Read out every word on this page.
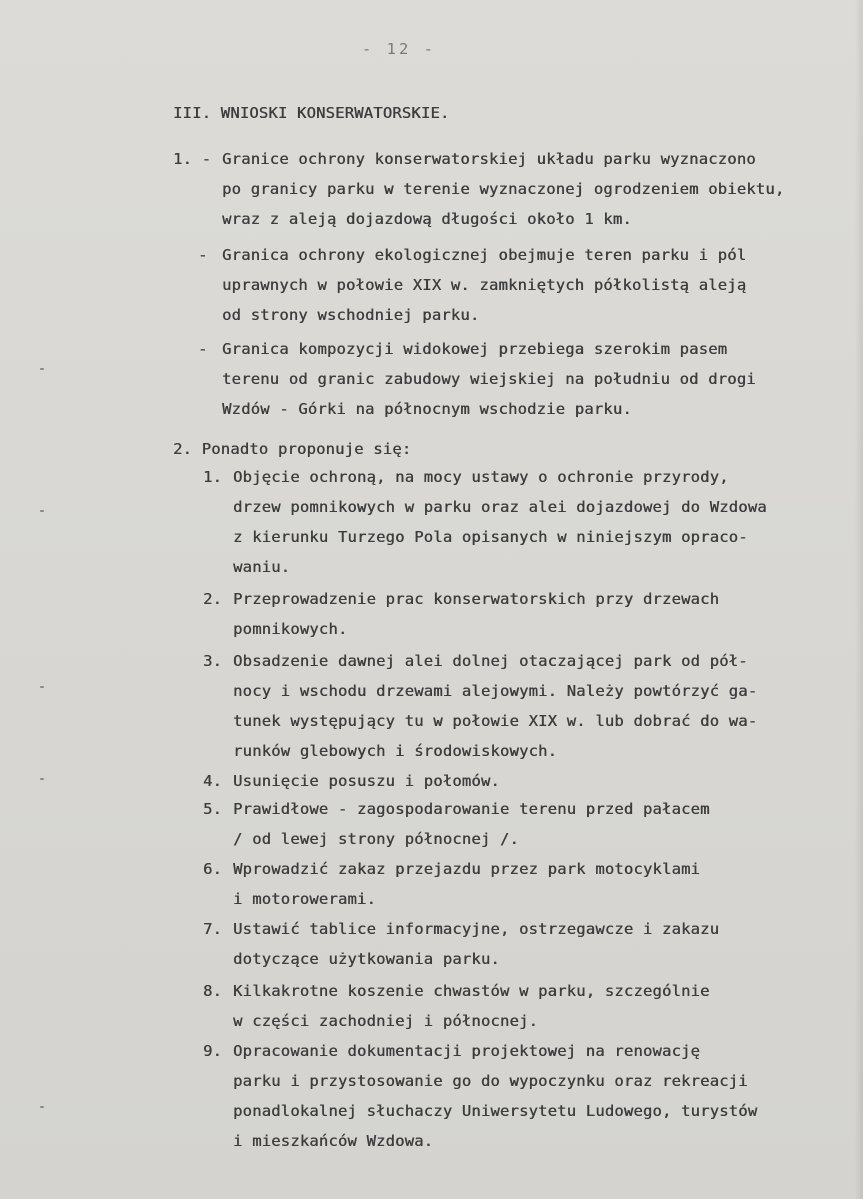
- 12 -
III. WNIOSKI KONSERWATORSKIE.
1. - Granice ochrony konserwatorskiej układu parku wyznaczono
po granicy parku w terenie wyznaczonej ogrodzeniem obiektu,
wraz z aleją dojazdową długości około 1 km.
- Granica ochrony ekologicznej obejmuje teren parku i pól
uprawnych w połowie XIX w. zamkniętych półkolistą aleją
od strony wschodniej parku.
- Granica kompozycji widokowej przebiega szerokim pasem
terenu od granic zabudowy wiejskiej na południu od drogi
Wzdów - Górki na północnym wschodzie parku.
2. Ponadto proponuje się:
1. Objęcie ochroną, na mocy ustawy o ochronie przyrody,
drzew pomnikowych w parku oraz alei dojazdowej do Wzdowa
z kierunku Turzego Pola opisanych w niniejszym opraco-
waniu.
2. Przeprowadzenie prac konserwatorskich przy drzewach
pomnikowych.
3. Obsadzenie dawnej alei dolnej otaczającej park od pół-
nocy i wschodu drzewami alejowymi. Należy powtórzyć ga-
tunek występujący tu w połowie XIX w. lub dobrać do wa-
runków glebowych i środowiskowych.
4. Usunięcie posuszu i połomów.
5. Prawidłowe - zagospodarowanie terenu przed pałacem
/ od lewej strony północnej /.
6. Wprowadzić zakaz przejazdu przez park motocyklami
i motorowerami.
7. Ustawić tablice informacyjne, ostrzegawcze i zakazu
dotyczące użytkowania parku.
8. Kilkakrotne koszenie chwastów w parku, szczególnie
w części zachodniej i północnej.
9. Opracowanie dokumentacji projektowej na renowację
parku i przystosowanie go do wypoczynku oraz rekreacji
ponadlokalnej słuchaczy Uniwersytetu Ludowego, turystów
i mieszkańców Wzdowa.
